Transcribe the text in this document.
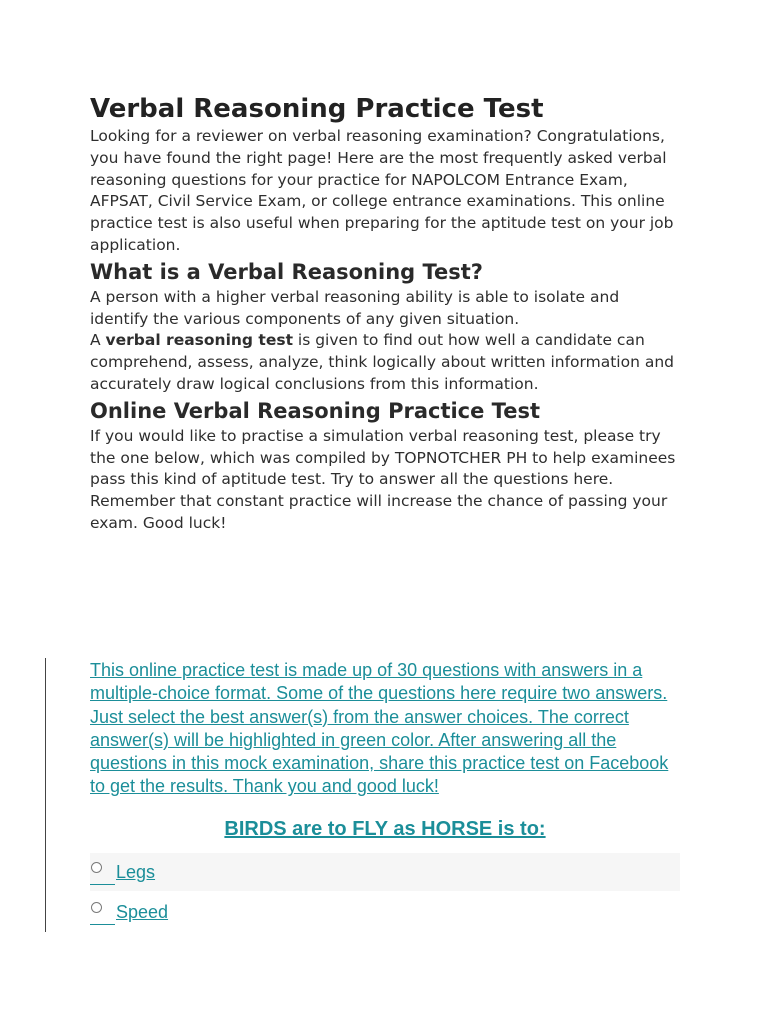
Verbal Reasoning Practice Test

Looking for a reviewer on verbal reasoning examination? Congratulations, you have found the right page! Here are the most frequently asked verbal reasoning questions for your practice for NAPOLCOM Entrance Exam, AFPSAT, Civil Service Exam, or college entrance examinations. This online practice test is also useful when preparing for the aptitude test on your job application.

What is a Verbal Reasoning Test?

A person with a higher verbal reasoning ability is able to isolate and identify the various components of any given situation.
A verbal reasoning test is given to find out how well a candidate can comprehend, assess, analyze, think logically about written information and accurately draw logical conclusions from this information.

Online Verbal Reasoning Practice Test

If you would like to practise a simulation verbal reasoning test, please try the one below, which was compiled by TOPNOTCHER PH to help examinees pass this kind of aptitude test. Try to answer all the questions here. Remember that constant practice will increase the chance of passing your exam. Good luck!

This online practice test is made up of 30 questions with answers in a multiple-choice format. Some of the questions here require two answers. Just select the best answer(s) from the answer choices. The correct answer(s) will be highlighted in green color. After answering all the questions in this mock examination, share this practice test on Facebook to get the results. Thank you and good luck!
BIRDS are to FLY as HORSE is to:
Legs
Speed
